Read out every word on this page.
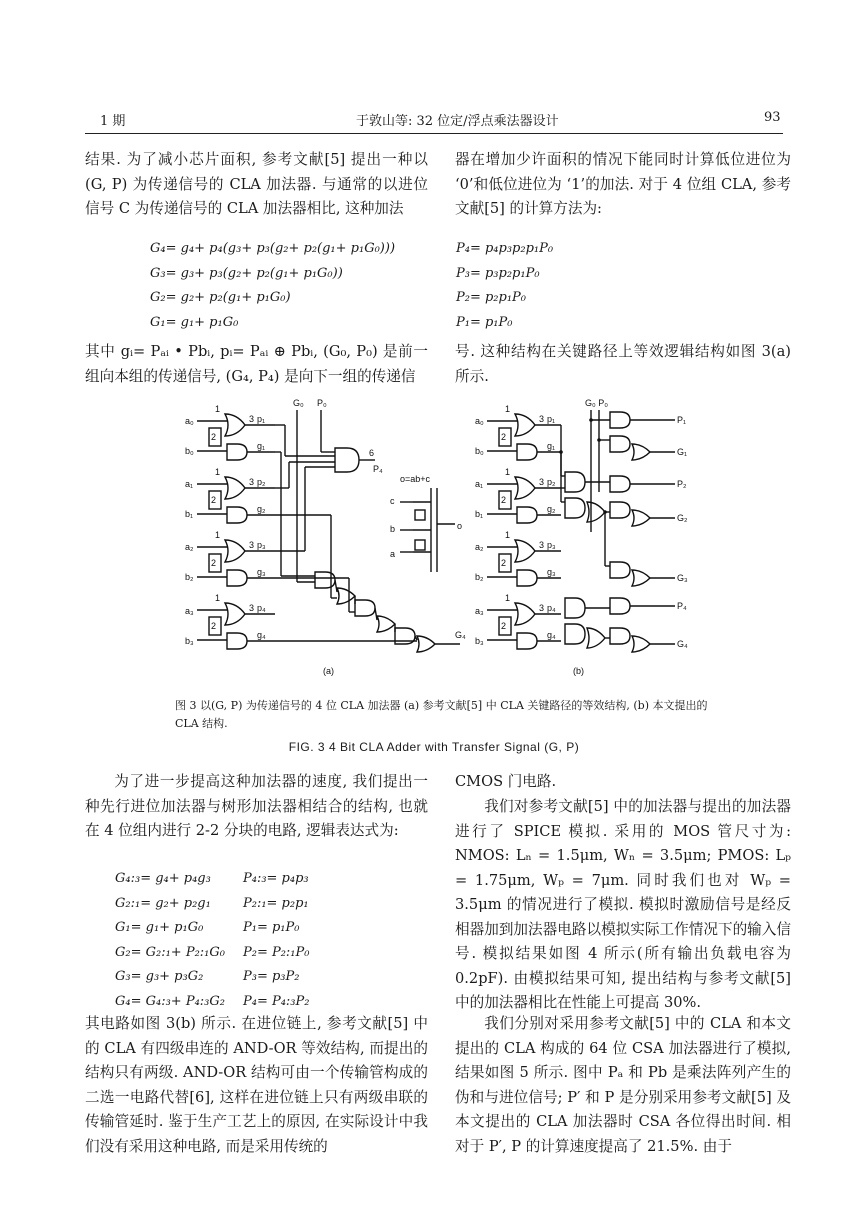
1 期	于敦山等: 32 位定/浮点乘法器设计	93

结果. 为了减小芯片面积, 参考文献[5] 提出一种以 (G, P) 为传递信号的 CLA 加法器. 与通常的以进位信号 C 为传递信号的 CLA 加法器相比, 这种加法

器在增加少许面积的情况下能同时计算低位进位为 ‘0’和低位进位为 ‘1’的加法. 对于 4 位组 CLA, 参考文献[5] 的计算方法为:

G₄= g₄+ p₄(g₃+ p₃(g₂+ p₂(g₁+ p₁G₀)))

G₃= g₃+ p₃(g₂+ p₂(g₁+ p₁G₀))

G₂= g₂+ p₂(g₁+ p₁G₀)

G₁= g₁+ p₁G₀

P₄= p₄p₃p₂p₁P₀

P₃= p₃p₂p₁P₀

P₂= p₂p₁P₀

P₁= p₁P₀

其中 gᵢ= Pₐᵢ • Pbᵢ, pᵢ= Pₐᵢ ⊕ Pbᵢ, (G₀, P₀) 是前一组向本组的传递信号, (G₄, P₄) 是向下一组的传递信

号. 这种结构在关键路径上等效逻辑结构如图 3(a) 所示.

a₀
b₀
a₁
b₁
a₂
b₂
a₃
b₃
1
2
3 p₁
g₁
1
2
3 p₂
g₂
1
2
3 p₃
g₃
1
2
3 p₄
g₄
G₀ P₀
6
P₄
G₄
(a)
o=ab+c
c
b
a
o
a₀
b₀
a₁
b₁
a₂
b₂
a₃
b₃
1
2
3 p₁
g₁
1
2
3 p₂
g₂
1
2
3 p₃
g₃
1
2
3 p₄
g₄
G₀ P₀
P₁
G₁
P₂
G₂
G₃
P₄
G₄
(b)
图 3 以(G, P) 为传递信号的 4 位 CLA 加法器 (a) 参考文献[5] 中 CLA 关键路径的等效结构, (b) 本文提出的 CLA 结构.
FIG. 3 4 Bit CLA Adder with Transfer Signal (G, P)

为了进一步提高这种加法器的速度, 我们提出一种先行进位加法器与树形加法器相结合的结构, 也就在 4 位组内进行 2-2 分块的电路, 逻辑表达式为:

G₄:₃= g₄+ p₄g₃	P₄:₃= p₄p₃
G₂:₁= g₂+ p₂g₁	P₂:₁= p₂p₁
G₁= g₁+ p₁G₀	P₁= p₁P₀
G₂= G₂:₁+ P₂:₁G₀	P₂= P₂:₁P₀
G₃= g₃+ p₃G₂	P₃= p₃P₂
G₄= G₄:₃+ P₄:₃G₂	P₄= P₄:₃P₂

其电路如图 3(b) 所示. 在进位链上, 参考文献[5] 中的 CLA 有四级串连的 AND-OR 等效结构, 而提出的结构只有两级. AND-OR 结构可由一个传输管构成的二选一电路代替[6], 这样在进位链上只有两级串联的传输管延时. 鉴于生产工艺上的原因, 在实际设计中我们没有采用这种电路, 而是采用传统的

CMOS 门电路.

我们对参考文献[5] 中的加法器与提出的加法器进行了 SPICE 模拟. 采用的 MOS 管尺寸为: NMOS: Lₙ = 1.5μm, Wₙ = 3.5μm; PMOS: Lₚ = 1.75μm, Wₚ = 7μm. 同时我们也对 Wₚ = 3.5μm 的情况进行了模拟. 模拟时激励信号是经反相器加到加法器电路以模拟实际工作情况下的输入信号. 模拟结果如图 4 所示(所有输出负载电容为 0.2pF). 由模拟结果可知, 提出结构与参考文献[5] 中的加法器相比在性能上可提高 30%.

我们分别对采用参考文献[5] 中的 CLA 和本文提出的 CLA 构成的 64 位 CSA 加法器进行了模拟, 结果如图 5 所示. 图中 Pₐ 和 Pb 是乘法阵列产生的伪和与进位信号; P′ 和 P 是分别采用参考文献[5] 及本文提出的 CLA 加法器时 CSA 各位得出时间. 相对于 P′, P 的计算速度提高了 21.5%. 由于
